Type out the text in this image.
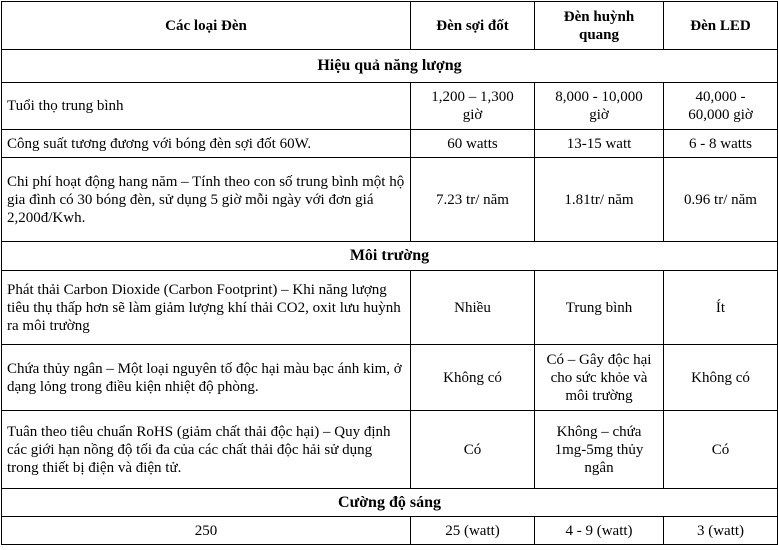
Các loại Đèn	Đèn sợi đốt	Đèn huỳnh quang	Đèn LED
Hiệu quả năng lượng			
Tuổi thọ trung bình	1,200 – 1,300 giờ	8,000 - 10,000 giờ	40,000 - 60,000 giờ
Công suất tương đương với bóng đèn sợi đốt 60W.	60 watts	13-15 watt	6 - 8 watts
Chi phí hoạt động hang năm – Tính theo con số trung bình một hộ gia đình có 30 bóng đèn, sử dụng 5 giờ mỗi ngày với đơn giá 2,200đ/Kwh.	7.23 tr/ năm	1.81tr/ năm	0.96 tr/ năm
Môi trường			
Phát thải Carbon Dioxide (Carbon Footprint) – Khi năng lượng tiêu thụ thấp hơn sẽ làm giảm lượng khí thải CO2, oxit lưu huỳnh ra môi trường	Nhiều	Trung bình	Ít
Chứa thủy ngân – Một loại nguyên tố độc hại màu bạc ánh kim, ở dạng lỏng trong điều kiện nhiệt độ phòng.	Không có	Có – Gây độc hại cho sức khỏe và môi trường	Không có
Tuân theo tiêu chuẩn RoHS (giảm chất thải độc hại) – Quy định các giới hạn nồng độ tối đa của các chất thải độc hải sử dụng trong thiết bị điện và điện tử.	Có	Không – chứa 1mg-5mg thủy ngân	Có
Cường độ sáng			
250	25 (watt)	4 - 9 (watt)	3 (watt)
